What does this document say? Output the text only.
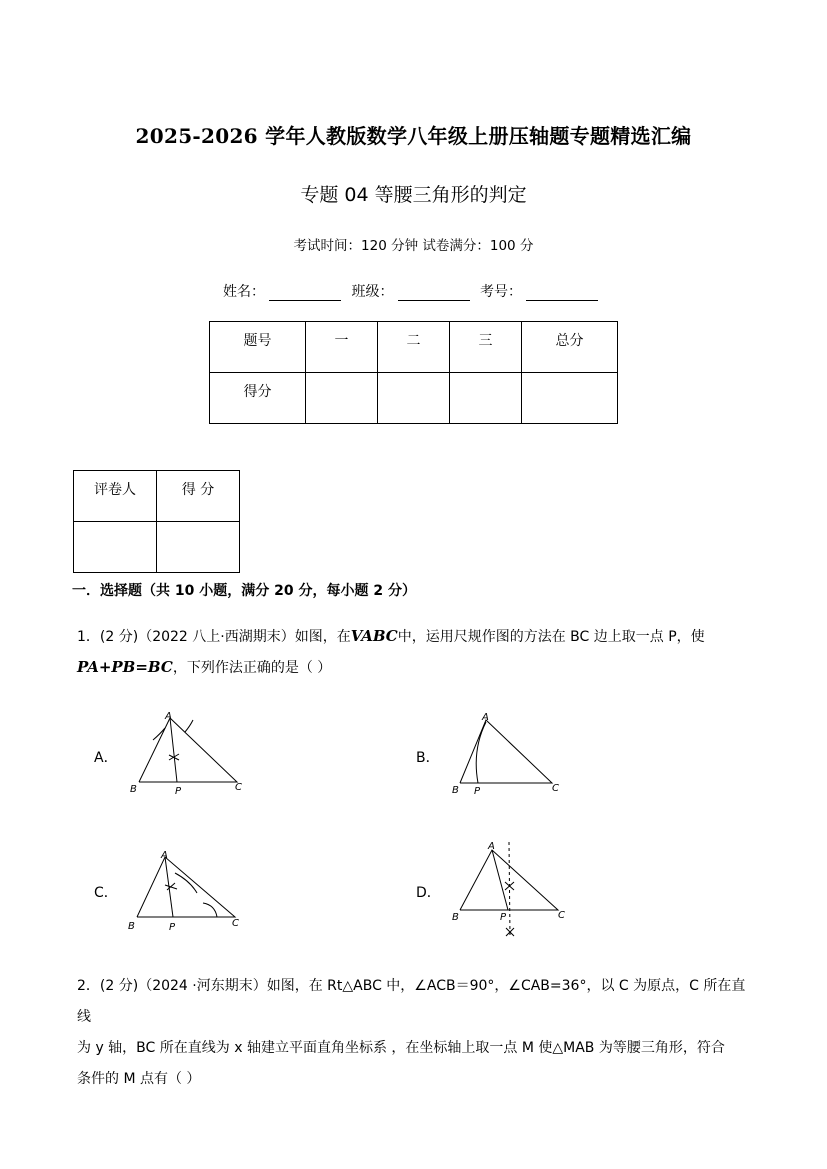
2025-2026 学年人教版数学八年级上册压轴题专题精选汇编
专题 04 等腰三角形的判定
考试时间：120 分钟 试卷满分：100 分
姓名：	班级：	考号：
题号	一	二	三	总分
得分				
评卷人	得 分

一．选择题（共 10 小题，满分 20 分，每小题 2 分）
1．(2 分)（2022 八上·西湖期末）如图，在VABC中，运用尺规作图的方法在 BC 边上取一点 P，使
PA+PB=BC，下列作法正确的是（ ）
A．
A
B	P	C
B．
A
B P	C
C．
A
B	P	C
D．
A
B	P	C
2．(2 分)（2024 ·河东期末）如图，在 Rt△ABC 中，∠ACB＝90°，∠CAB=36°，以 C 为原点，C 所在直线
为 y 轴，BC 所在直线为 x 轴建立平面直角坐标系 ，在坐标轴上取一点 M 使△MAB 为等腰三角形，符合
条件的 M 点有（ ）
